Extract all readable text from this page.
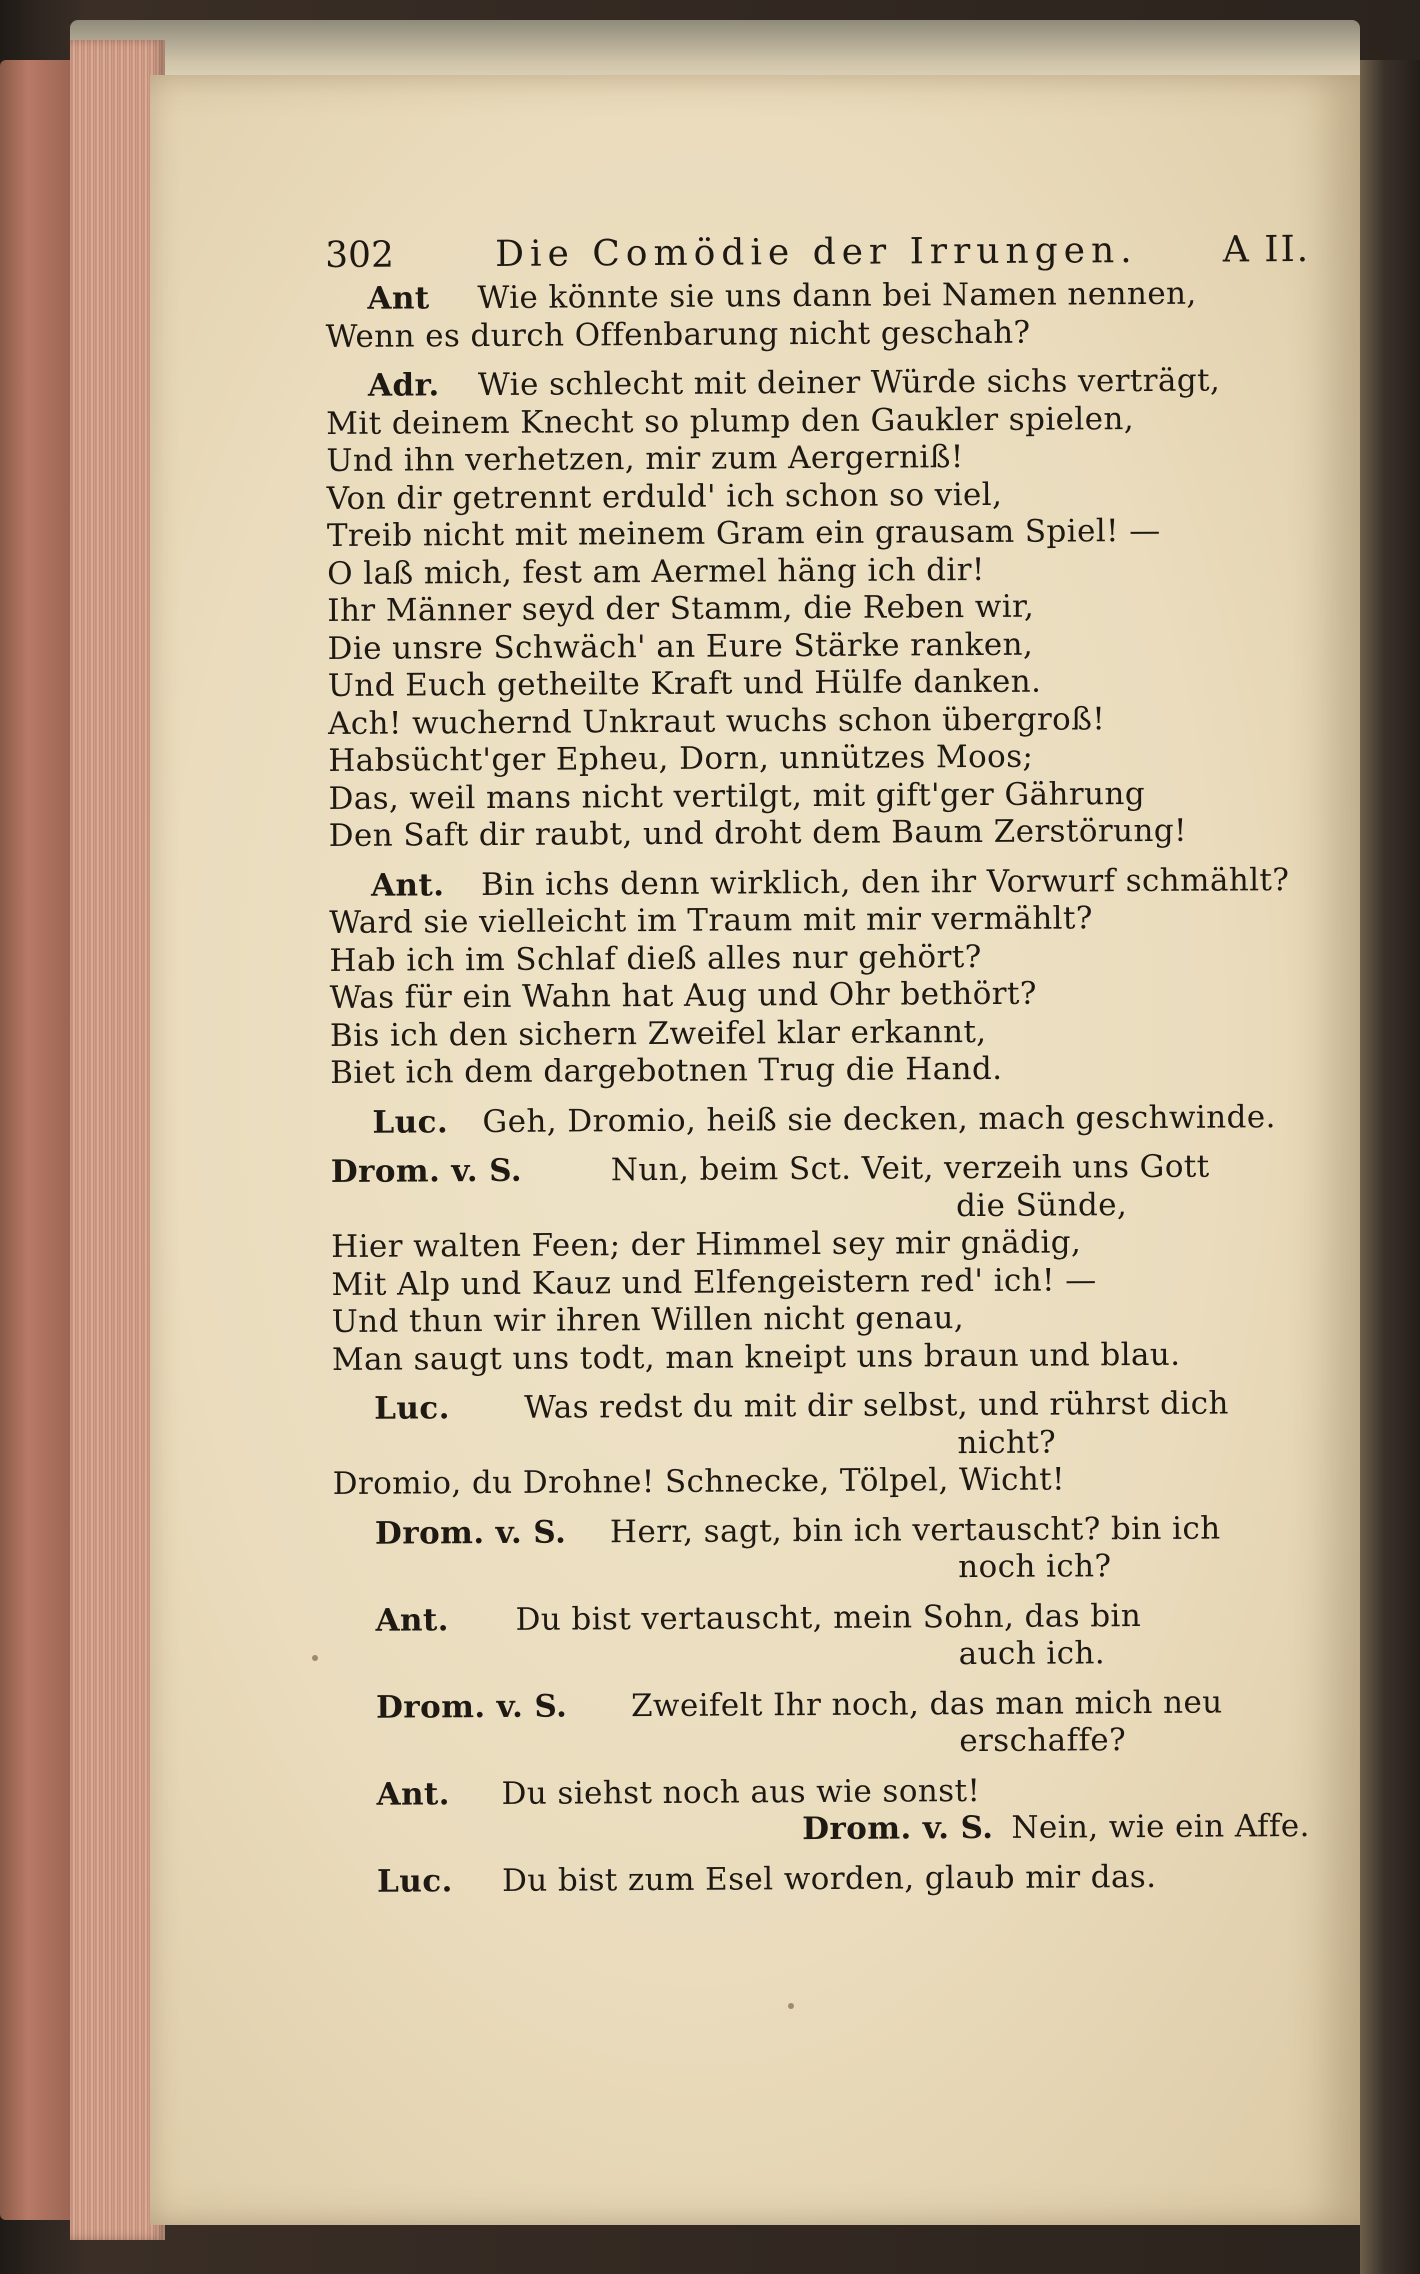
302	Die Comödie der Irrungen. A II.
Ant Wie könnte sie uns dann bei Namen nennen,
Wenn es durch Offenbarung nicht geschah?
Adr. Wie schlecht mit deiner Würde sichs verträgt,
Mit deinem Knecht so plump den Gaukler spielen,
Und ihn verhetzen, mir zum Aergerniß!
Von dir getrennt erduld' ich schon so viel,
Treib nicht mit meinem Gram ein grausam Spiel! —
O laß mich, fest am Aermel häng ich dir!
Ihr Männer seyd der Stamm, die Reben wir,
Die unsre Schwäch' an Eure Stärke ranken,
Und Euch getheilte Kraft und Hülfe danken.
Ach! wuchernd Unkraut wuchs schon übergroß!
Habsücht'ger Epheu, Dorn, unnützes Moos;
Das, weil mans nicht vertilgt, mit gift'ger Gährung
Den Saft dir raubt, und droht dem Baum Zerstörung!
Ant. Bin ichs denn wirklich, den ihr Vorwurf schmählt?
Ward sie vielleicht im Traum mit mir vermählt?
Hab ich im Schlaf dieß alles nur gehört?
Was für ein Wahn hat Aug und Ohr bethört?
Bis ich den sichern Zweifel klar erkannt,
Biet ich dem dargebotnen Trug die Hand.
Luc. Geh, Dromio, heiß sie decken, mach geschwinde.
Drom. v. S.	Nun, beim Sct. Veit, verzeih uns Gott
die Sünde,
Hier walten Feen; der Himmel sey mir gnädig,
Mit Alp und Kauz und Elfengeistern red' ich! —
Und thun wir ihren Willen nicht genau,
Man saugt uns todt, man kneipt uns braun und blau.
Luc. Was redst du mit dir selbst, und rührst dich
nicht?
Dromio, du Drohne! Schnecke, Tölpel, Wicht!
Drom. v. S. Herr, sagt, bin ich vertauscht? bin ich
noch ich?
Ant. Du bist vertauscht, mein Sohn, das bin
auch ich.
Drom. v. S. Zweifelt Ihr noch, das man mich neu
erschaffe?
Ant. Du siehst noch aus wie sonst!
Drom. v. S. Nein, wie ein Affe.
Luc. Du bist zum Esel worden, glaub mir das.
